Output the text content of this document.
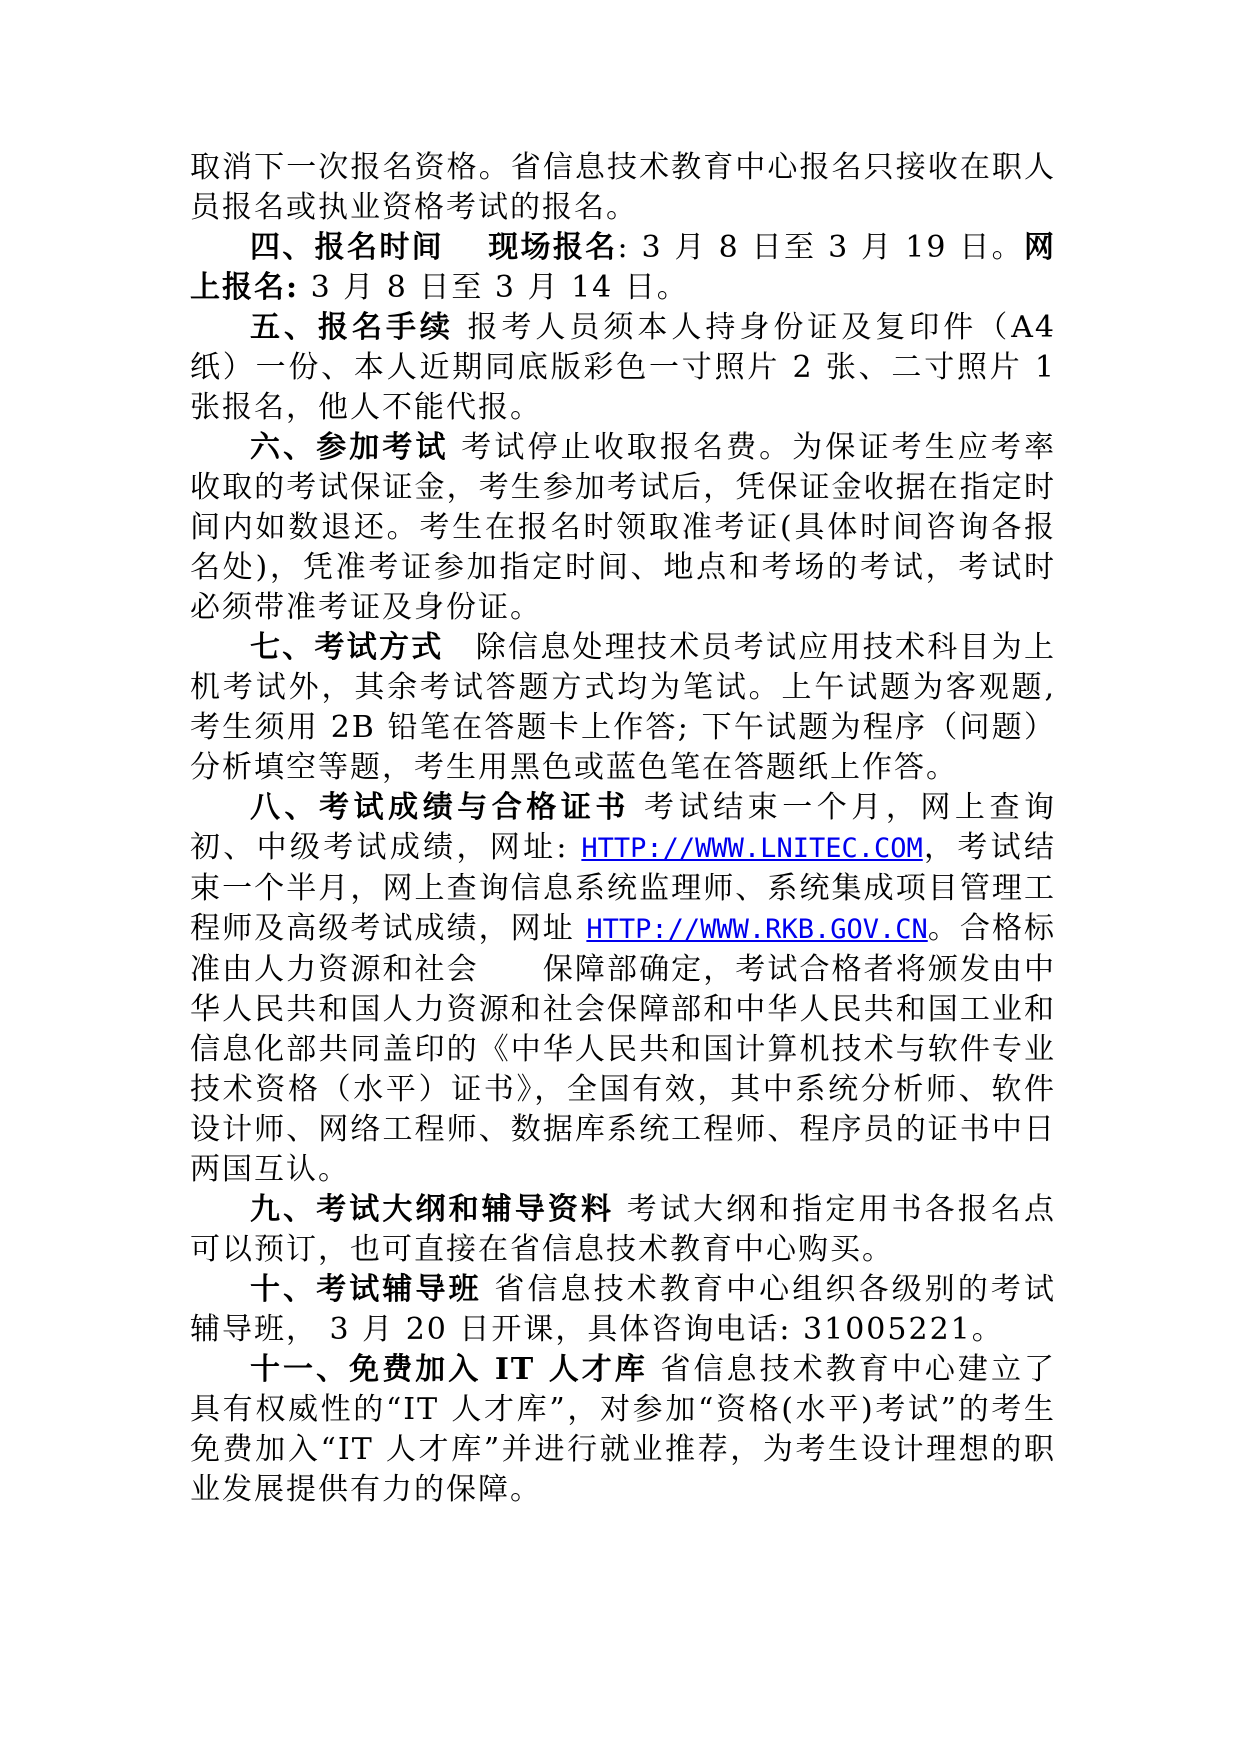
取消下一次报名资格。省信息技术教育中心报名只接收在职人员报名或执业资格考试的报名。

四、报名时间　 现场报名: 3 月 8 日至 3 月 19 日。网上报名: 3 月 8 日至 3 月 14 日。

五、报名手续 报考人员须本人持身份证及复印件（A4 纸）一份、本人近期同底版彩色一寸照片 2 张、二寸照片 1 张报名，他人不能代报。

六、参加考试 考试停止收取报名费。为保证考生应考率收取的考试保证金，考生参加考试后，凭保证金收据在指定时间内如数退还。考生在报名时领取准考证(具体时间咨询各报名处)，凭准考证参加指定时间、地点和考场的考试，考试时必须带准考证及身份证。

七、考试方式　除信息处理技术员考试应用技术科目为上机考试外，其余考试答题方式均为笔试。上午试题为客观题,考生须用 2B 铅笔在答题卡上作答; 下午试题为程序（问题）分析填空等题，考生用黑色或蓝色笔在答题纸上作答。

八、考试成绩与合格证书 考试结束一个月，网上查询初、中级考试成绩，网址: HTTP://WWW.LNITEC.COM，考试结束一个半月，网上查询信息系统监理师、系统集成项目管理工程师及高级考试成绩，网址 HTTP://WWW.RKB.GOV.CN。合格标准由人力资源和社会　　保障部确定，考试合格者将颁发由中华人民共和国人力资源和社会保障部和中华人民共和国工业和信息化部共同盖印的《中华人民共和国计算机技术与软件专业技术资格（水平）证书》，全国有效，其中系统分析师、软件设计师、网络工程师、数据库系统工程师、程序员的证书中日两国互认。

九、考试大纲和辅导资料 考试大纲和指定用书各报名点可以预订，也可直接在省信息技术教育中心购买。

十、考试辅导班 省信息技术教育中心组织各级别的考试辅导班， 3 月 20 日开课，具体咨询电话: 31005221。

十一、免费加入 IT 人才库 省信息技术教育中心建立了具有权威性的“IT 人才库”，对参加“资格(水平)考试”的考生免费加入“IT 人才库”并进行就业推荐，为考生设计理想的职业发展提供有力的保障。
